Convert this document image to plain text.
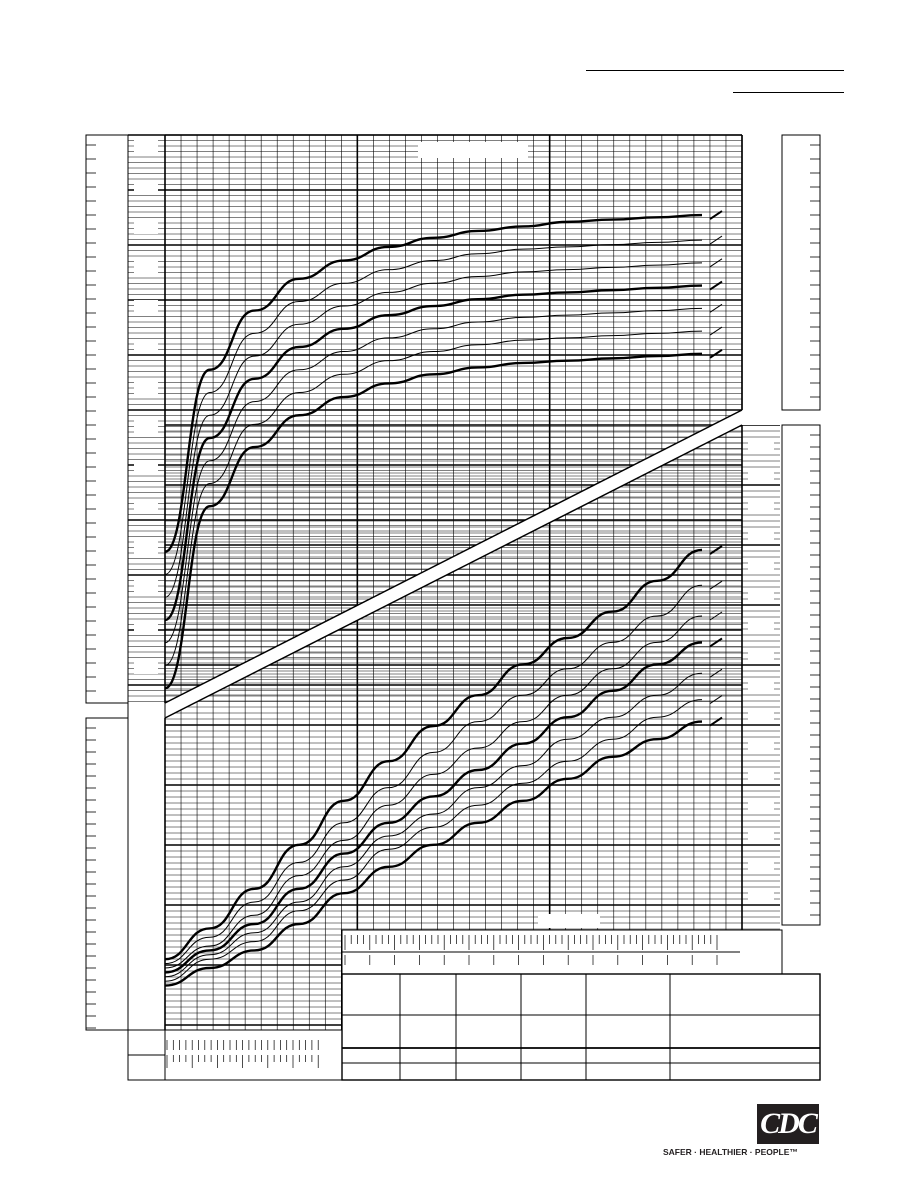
CDC
SAFER · HEALTHIER · PEOPLE™
